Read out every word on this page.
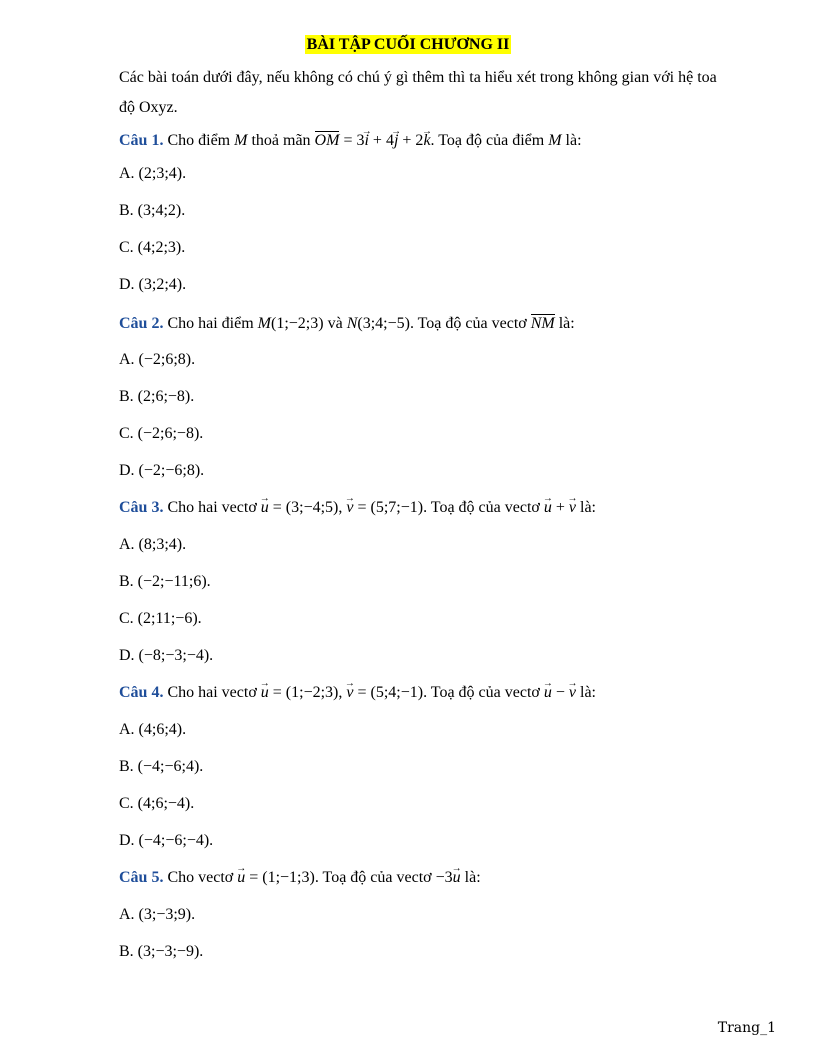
BÀI TẬP CUỐI CHƯƠNG II
Các bài toán dưới đây, nếu không có chú ý gì thêm thì ta hiểu xét trong không gian với hệ toa
độ Oxyz.
Câu 1. Cho điểm M thoả mãn OM = 3→ i + 4→ j + 2→ k. Toạ độ của điểm M là:
A. (2;3;4).
B. (3;4;2).
C. (4;2;3).
D. (3;2;4).
Câu 2. Cho hai điểm M(1;−2;3) và N(3;4;−5). Toạ độ của vectơ NM là:
A. (−2;6;8).
B. (2;6;−8).
C. (−2;6;−8).
D. (−2;−6;8).
Câu 3. Cho hai vectơ → u = (3;−4;5), → v = (5;7;−1). Toạ độ của vectơ → u + → v là:
A. (8;3;4).
B. (−2;−11;6).
C. (2;11;−6).
D. (−8;−3;−4).
Câu 4. Cho hai vectơ → u = (1;−2;3), → v = (5;4;−1). Toạ độ của vectơ → u − → v là:
A. (4;6;4).
B. (−4;−6;4).
C. (4;6;−4).
D. (−4;−6;−4).
Câu 5. Cho vectơ → u = (1;−1;3). Toạ độ của vectơ −3→ u là:
A. (3;−3;9).
B. (3;−3;−9).
Trang_1
